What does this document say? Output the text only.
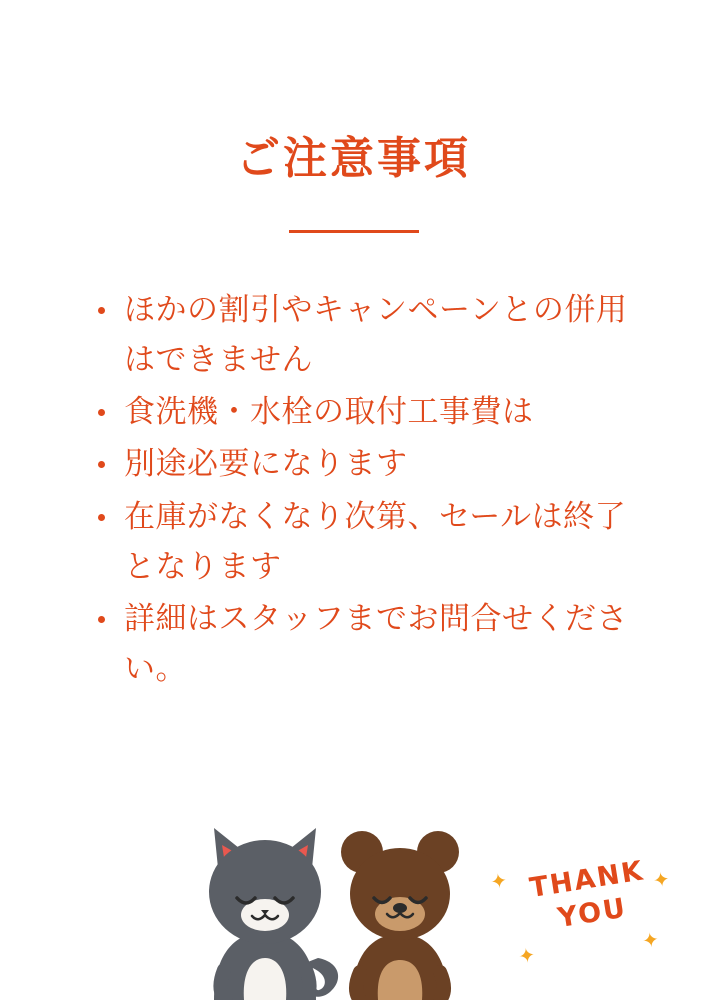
ご注意事項
ほかの割引やキャンペーンとの併用はできません
食洗機・水栓の取付工事費は
別途必要になります
在庫がなくなり次第、セールは終了となります
詳細はスタッフまでお問合せください。
THANK
YOU
✦	✦
✦
✦
